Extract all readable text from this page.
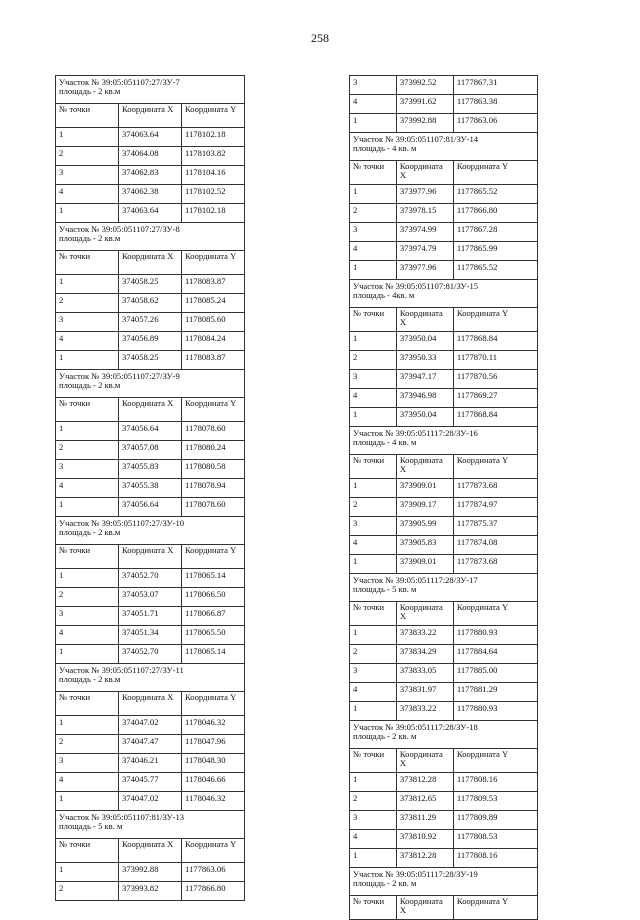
258
Участок № 39:05:051107:27/ЗУ-7
площадь - 2 кв.м		

№ точки	Координата X	Координата Y
1	374063.64	1178102.18
2	374064.08	1178103.82
3	374062.83	1178104.16
4	374062.38	1178102.52
1	374063.64	1178102.18

Участок № 39:05:051107:27/ЗУ-8
площадь - 2 кв.м		

№ точки	Координата X	Координата Y
1	374058.25	1178083.87
2	374058.62	1178085.24
3	374057.26	1178085.60
4	374056.89	1178084.24
1	374058.25	1178083.87

Участок № 39:05:051107:27/ЗУ-9
площадь - 2 кв.м		

№ точки	Координата X	Координата Y
1	374056.64	1178078.60
2	374057.08	1178080.24
3	374055.83	1178080.58
4	374055.38	1178078.94
1	374056.64	1178078.60

Участок № 39:05:051107:27/ЗУ-10
площадь - 2 кв.м		

№ точки	Координата X	Координата Y
1	374052.70	1178065.14
2	374053.07	1178066.50
3	374051.71	1178066.87
4	374051.34	1178065.50
1	374052.70	1178065.14

Участок № 39:05:051107:27/ЗУ-11
площадь - 2 кв.м		

№ точки	Координата X	Координата Y
1	374047.02	1178046.32
2	374047.47	1178047.96
3	374046.21	1178048.30
4	374045.77	1178046.66
1	374047.02	1178046.32

Участок № 39:05:051107:81/ЗУ-13
площадь - 5 кв. м		

№ точки	Координата X	Координата Y
1	373992.88	1177863.06
2	373993.82	1177866.80
3	373992.52	1177867.31
4	373991.62	1177863.38
1	373992.88	1177863.06

Участок № 39:05:051107:81/ЗУ-14
площадь - 4 кв. м		

№ точки	Координата X	Координата Y
1	373977.96	1177865.52
2	373978.15	1177866.80
3	373974.99	1177867.28
4	373974.79	1177865.99
1	373977.96	1177865.52

Участок № 39:05:051107:81/ЗУ-15
площадь - 4кв. м		

№ точки	Координата X	Координата Y
1	373950.04	1177868.84
2	373950.33	1177870.11
3	373947.17	1177870.56
4	373946.98	1177869.27
1	373950.04	1177868.84

Участок № 39:05:051117:28/ЗУ-16
площадь - 4 кв. м		

№ точки	Координата X	Координата Y
1	373909.01	1177873.68
2	373909.17	1177874.97
3	373905.99	1177875.37
4	373905.83	1177874.08
1	373909.01	1177873.68

Участок № 39:05:051117:28/ЗУ-17
площадь - 5 кв. м		

№ точки	Координата X	Координата Y
1	373833.22	1177880.93
2	373834.29	1177884.64
3	373833.05	1177885.00
4	373831.97	1177881.29
1	373833.22	1177880.93

Участок № 39:05:051117:28/ЗУ-18
площадь - 2 кв. м		

№ точки	Координата X	Координата Y
1	373812.28	1177808.16
2	373812.65	1177809.53
3	373811.29	1177809.89
4	373810.92	1177808.53
1	373812.28	1177808.16

Участок № 39:05:051117:28/ЗУ-19
площадь - 2 кв. м		

№ точки	Координата X	Координата Y
